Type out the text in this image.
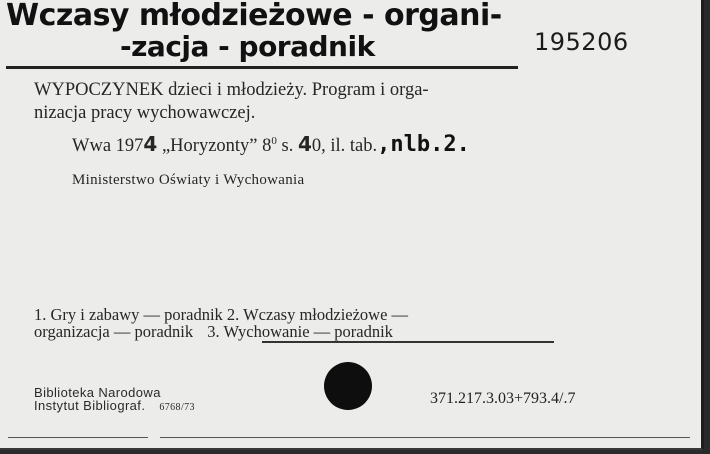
Wczasy młodzieżowe - organi-
-zacja - poradnik	195206
WYPOCZYNEK dzieci i młodzieży. Program i orga-
nizacja pracy wychowawczej.
Wwa 1974 „Horyzonty” $8^0$ s. 40, il. tab.,nlb.2.
Ministerstwo Oświaty i Wychowania
1. Gry i zabawy — poradnik 2. Wczasy młodzieżowe —
organizacja — poradnik 3. Wychowanie — poradnik
Biblioteka Narodowa
Instytut Bibliograf. 6768/73
371.217.3.03+793.4/.7
